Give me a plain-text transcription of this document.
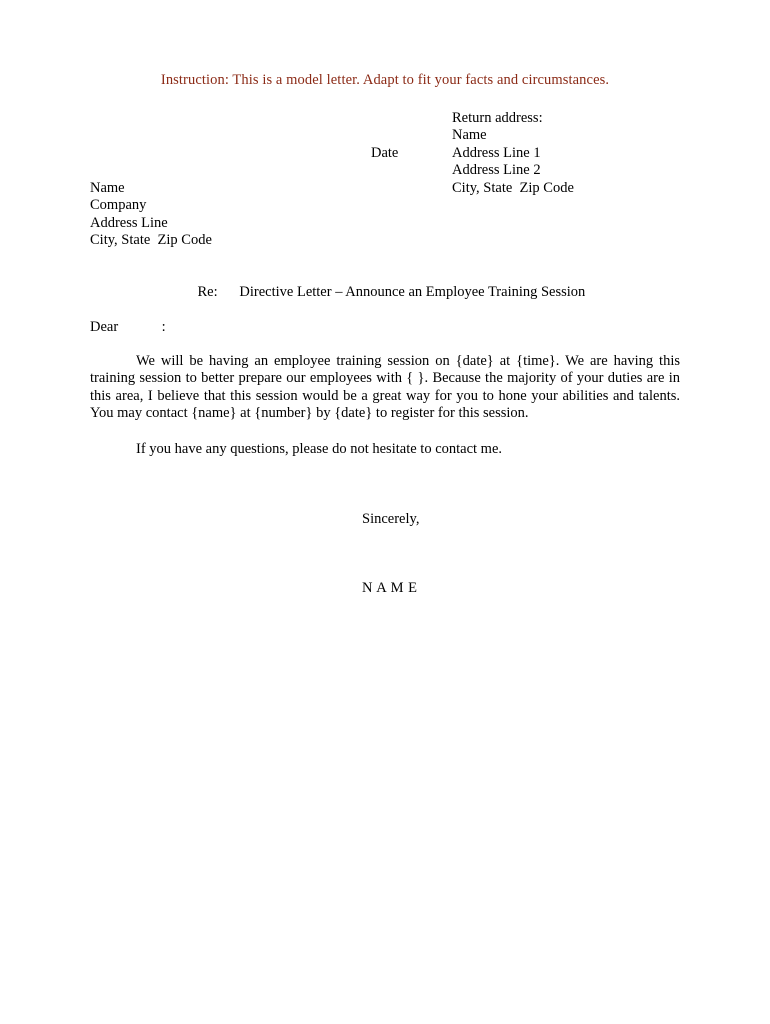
Instruction: This is a model letter. Adapt to fit your facts and circumstances.
Return address:
Name
Address Line 1
Address Line 2
City, State  Zip Code
Date
Name
Company
Address Line
City, State  Zip Code

Re: Directive Letter – Announce an Employee Training Session

Dear            :
We will be having an employee training session on {date} at {time}. We are having this training session to better prepare our employees with { }. Because the majority of your duties are in this area, I believe that this session would be a great way for you to hone your abilities and talents. You may contact {name} at {number} by {date} to register for this session.
If you have any questions, please do not hesitate to contact me.
Sincerely,
N A M E
